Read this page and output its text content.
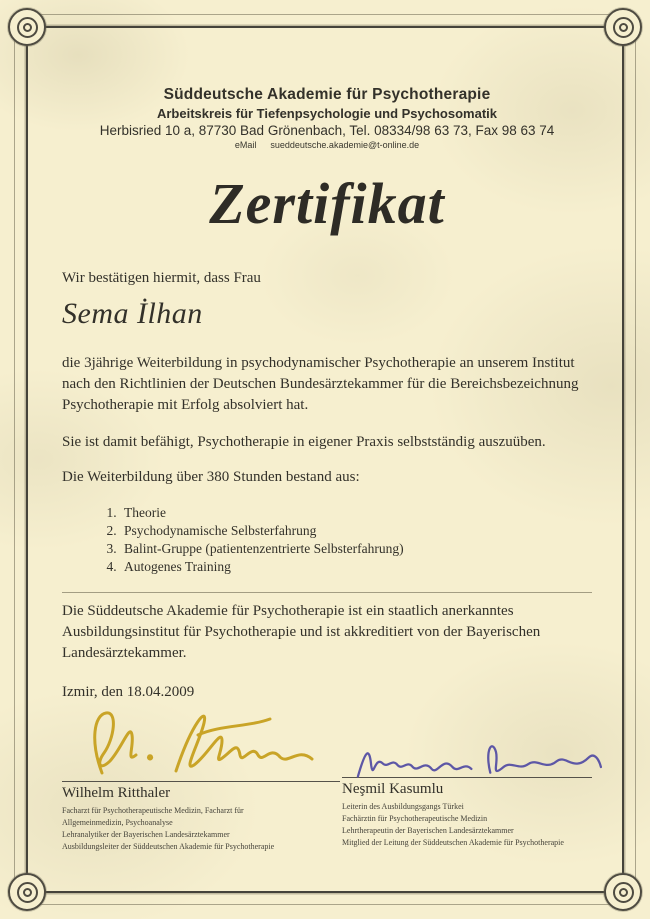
Süddeutsche Akademie für Psychotherapie
Arbeitskreis für Tiefenpsychologie und Psychosomatik
Herbisried 10 a, 87730 Bad Grönenbach, Tel. 08334/98 63 73, Fax 98 63 74
eMail sueddeutsche.akademie@t-online.de
Zertifikat
Wir bestätigen hiermit, dass Frau
Sema İlhan
die 3jährige Weiterbildung in psychodynamischer Psychotherapie an unserem Institut nach den Richtlinien der Deutschen Bundesärztekammer für die Bereichsbezeichnung Psychotherapie mit Erfolg absolviert hat.
Sie ist damit befähigt, Psychotherapie in eigener Praxis selbstständig auszuüben.
Die Weiterbildung über 380 Stunden bestand aus:
1. Theorie
2. Psychodynamische Selbsterfahrung
3. Balint-Gruppe (patientenzentrierte Selbsterfahrung)
4. Autogenes Training
Die Süddeutsche Akademie für Psychotherapie ist ein staatlich anerkanntes Ausbildungsinstitut für Psychotherapie und ist akkreditiert von der Bayerischen Landesärztekammer.
Izmir, den 18.04.2009
Wilhelm Ritthaler
Facharzt für Psychotherapeutische Medizin, Facharzt für
Allgemeinmedizin, Psychoanalyse
Lehranalytiker der Bayerischen Landesärztekammer
Ausbildungsleiter der Süddeutschen Akademie für Psychotherapie
Neşmil Kasumlu
Leiterin des Ausbildungsgangs Türkei
Fachärztin für Psychotherapeutische Medizin
Lehrtherapeutin der Bayerischen Landesärztekammer
Mitglied der Leitung der Süddeutschen Akademie für Psychotherapie
